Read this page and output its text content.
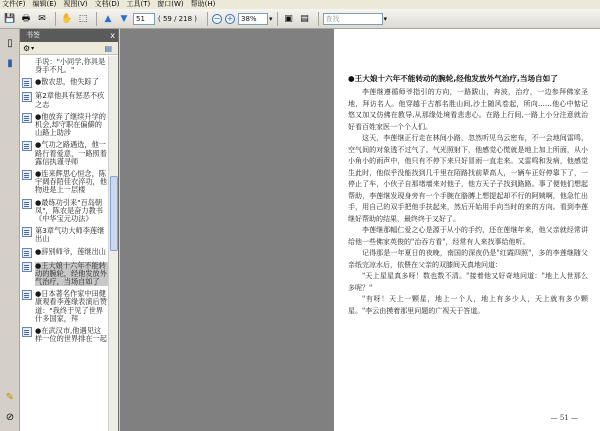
文件(F) 编辑(E) 视图(V) 文档(D) 工具(T) 窗口(W) 帮助(H)
💾 🖶 ✉	✋ ⬚	▲	▼	51	( 59 / 218 ) − +	38%	▾	▣ ▤	查找	▾
▯
▮
✎
⊘
书签	x
⚙ ▾	▤
手说："小同学,你具是身手不凡。"
●散农思，他失踪了
第2章他具有惩恶不疚之志
●他放弃了继续升学的机会,却守职在偏僻的山路上助涉
●气功之路遇选，他一路行着爱意，一路照着露信执谨寻师
●连来辉思心恒念，陈宇阔吞陌佳衣淬功，他物进是上一层楼
●最练功引来"百岛朝凤"，陈农是奋力教书《中华宝元功法》
第3章气功大师李莲继出山
●辞别师爷，莲继出山
●王大娘十六年不能转动的腕轮，经他发放外气治疗，当场自如了
●日本著名作家中田健康观看李莲缘表演后赞道："我终于见了世界什多国家，拜
●在武汉市,他遇见这样一位的世界排在一起
●王大娘十六年不能转动的腕轮,经他发放外气治疗,当场自如了

李莲继遵循师爷指引的方向，一路跋山，奔波，治疗，一边参拜佛家圣地，拜访名人。他穿越于古都名胜山间,沙土随风卷起，所向……他心中惦记悠又加又仿佛在教导,从那缘处境看悲悲心。在路上行间,一路上小分注意就治好看百姓家医一个个人们。

这天，李莲继正行走在林间小路，忽然听见乌云密布，不一会地间雷鸣，空气间的对象透不过气了。气光照射下，他感觉心慌就是地上加上所面，从小小角小的雨声中，他只有不停下来只好冒雨一直走来。又雷鸣和发病，他感觉生此时，他似乎没能找到几千里在陌路找前辈高人，一辆车正好停靠下了，一停止了车，小伙子自那堵墙来对他子，他方天子子找到路路。事了便他们想起帮助，李莲继发现身旁有一个手腕在胳膊上想提起却不行的阿姨啊，他急忙出手，用自己的双手把他手扶起来，然后开始用手向当时的来的方向。看到李莲继好帮助的结果，最终终于又好了。

李莲继那幅仁爱之心是源于从小的手约，还在莲继年来，他父亲就经常讲给他一些佛家英俊的"治吞方看"，经常有人来找事给他听。

记得那是一年夏日的夜晚，南国的深夜仍是"红霞四照"，多的李莲继随父亲纸完凉水后，依偎在父亲的双膝间天真地问道：

"天上星星真多呀！数也数不清。"接着他又好奇地问道："地上人世那么多呢？"

"有呀！天上一颗星，地上一个人，地上有多少人，天上就有多少颗星。"李云由摸着那里问题的广视天于答道。

— 51 —
